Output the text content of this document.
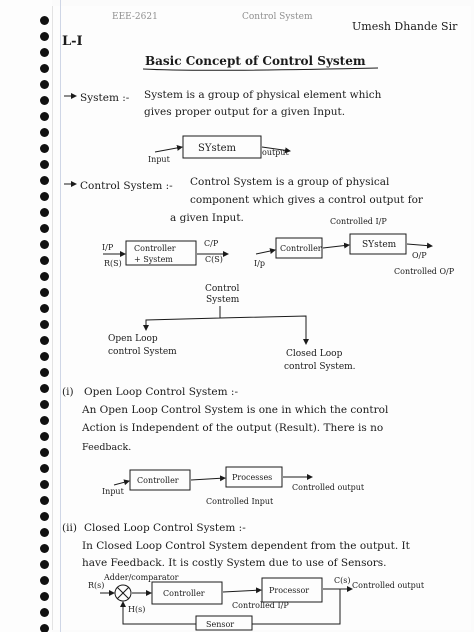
EEE-2621	Control System
Umesh Dhande Sir
L-I
Basic Concept of Control System
System :- System is a group of physical element which
gives proper output for a given Input.
Control System :- Control System is a group of physical
component which gives a control output for
a given Input.
(i) Open Loop Control System :-
An Open Loop Control System is one in which the control
Action is Independent of the output (Result). There is no
Feedback.
(ii) Closed Loop Control System :-
In Closed Loop Control System dependent from the output. It
have Feedback. It is costly System due to use of Sensors.
SYstem
Input
output
Controller
+ System
I/P
R(S)
C/P
C(S)
Controller	SYstem
I/p
Controlled I/P
O/P
Controlled O/P
Control
System
Open Loop
control System	Closed Loop
control System.
Controller	Processes
Input
Controlled Input
Controlled output
Adder/comparator
R(s)
Controller	Processor
C(s)
Controlled output
Controlled I/P
H(s)
Sensor
